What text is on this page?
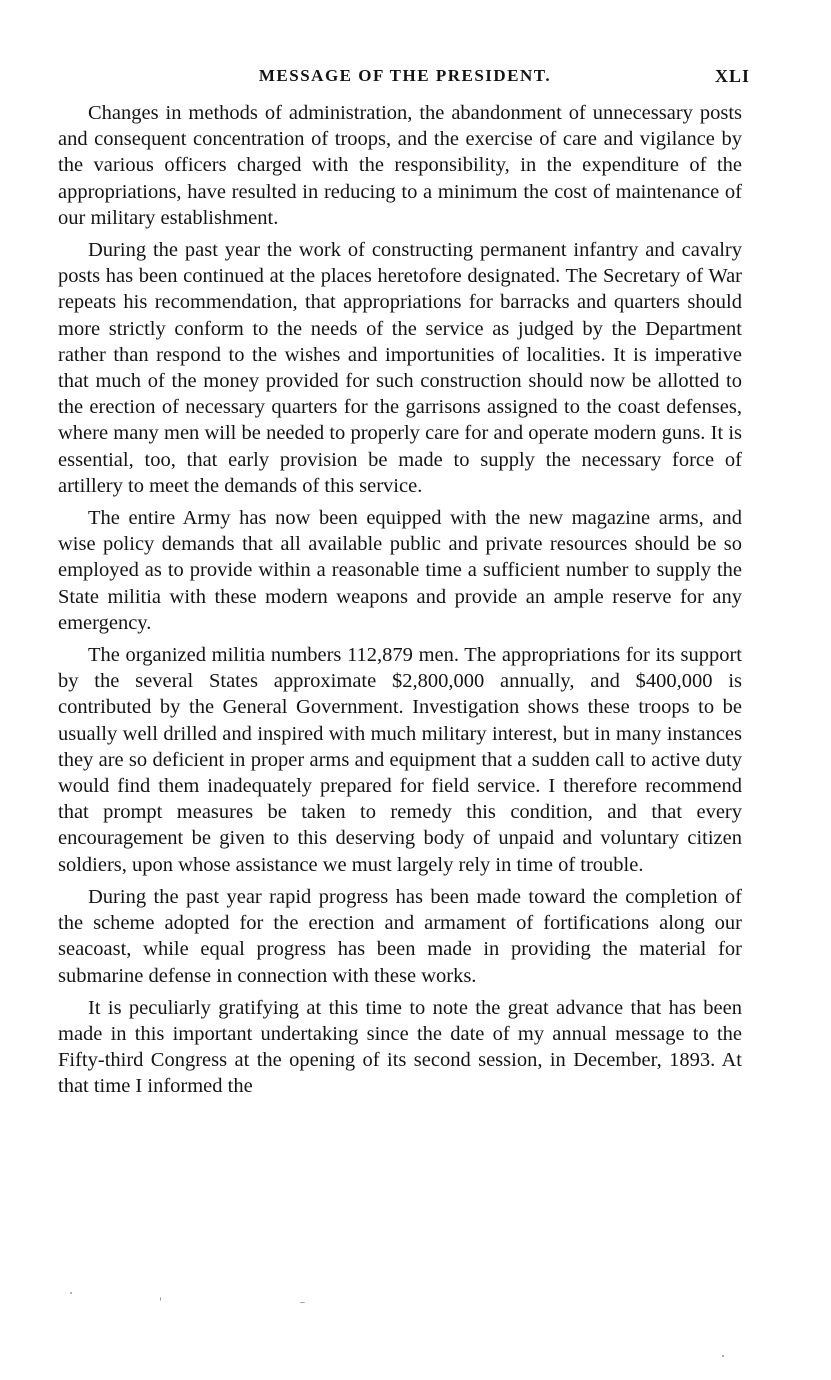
MESSAGE OF THE PRESIDENT.	XLI

Changes in methods of administration, the abandonment of unnecessary posts and consequent concentration of troops, and the exercise of care and vigilance by the various officers charged with the responsibility, in the expenditure of the appropriations, have resulted in reducing to a minimum the cost of maintenance of our military establishment.

During the past year the work of constructing permanent infantry and cavalry posts has been continued at the places heretofore designated. The Secretary of War repeats his recommendation, that appropriations for barracks and quarters should more strictly conform to the needs of the service as judged by the Department rather than respond to the wishes and importunities of localities. It is imperative that much of the money provided for such construction should now be allotted to the erection of necessary quarters for the garrisons assigned to the coast defenses, where many men will be needed to properly care for and operate modern guns. It is essential, too, that early provision be made to supply the necessary force of artillery to meet the demands of this service.

The entire Army has now been equipped with the new magazine arms, and wise policy demands that all available public and private resources should be so employed as to provide within a reasonable time a sufficient number to supply the State militia with these modern weapons and provide an ample reserve for any emergency.

The organized militia numbers 112,879 men. The appropriations for its support by the several States approximate $2,800,000 annually, and $400,000 is contributed by the General Government. Investigation shows these troops to be usually well drilled and inspired with much military interest, but in many instances they are so deficient in proper arms and equipment that a sudden call to active duty would find them inadequately prepared for field service. I therefore recommend that prompt measures be taken to remedy this condition, and that every encouragement be given to this deserving body of unpaid and voluntary citizen soldiers, upon whose assistance we must largely rely in time of trouble.

During the past year rapid progress has been made toward the completion of the scheme adopted for the erection and armament of fortifications along our seacoast, while equal progress has been made in providing the material for submarine defense in connection with these works.

It is peculiarly gratifying at this time to note the great advance that has been made in this important undertaking since the date of my annual message to the Fifty-third Congress at the opening of its second session, in December, 1893. At that time I informed the
